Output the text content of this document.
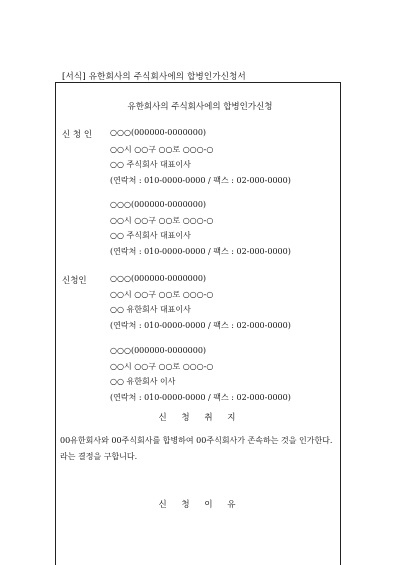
[서식] 유한회사의 주식회사에의 합병인가신청서
유한회사의 주식회사에의 합병인가신청
신 청 인 ○○○(000000-0000000)
○○시 ○○구 ○○로 ○○○-○
○○ 주식회사 대표이사
(연락처 : 010-0000-0000 / 팩스 : 02-000-0000)
○○○(000000-0000000)
○○시 ○○구 ○○로 ○○○-○
○○ 주식회사 대표이사
(연락처 : 010-0000-0000 / 팩스 : 02-000-0000)
신청인	○○○(000000-0000000)
○○시 ○○구 ○○로 ○○○-○
○○ 유한회사 대표이사
(연락처 : 010-0000-0000 / 팩스 : 02-000-0000)
○○○(000000-0000000)
○○시 ○○구 ○○로 ○○○-○
○○ 유한회사 이사
(연락처 : 010-0000-0000 / 팩스 : 02-000-0000)
신 청 취 지
00유한회사와 00주식회사를 합병하여 00주식회사가 존속하는 것을 인가한다.
라는 결정을 구합니다.
신 청 이 유
